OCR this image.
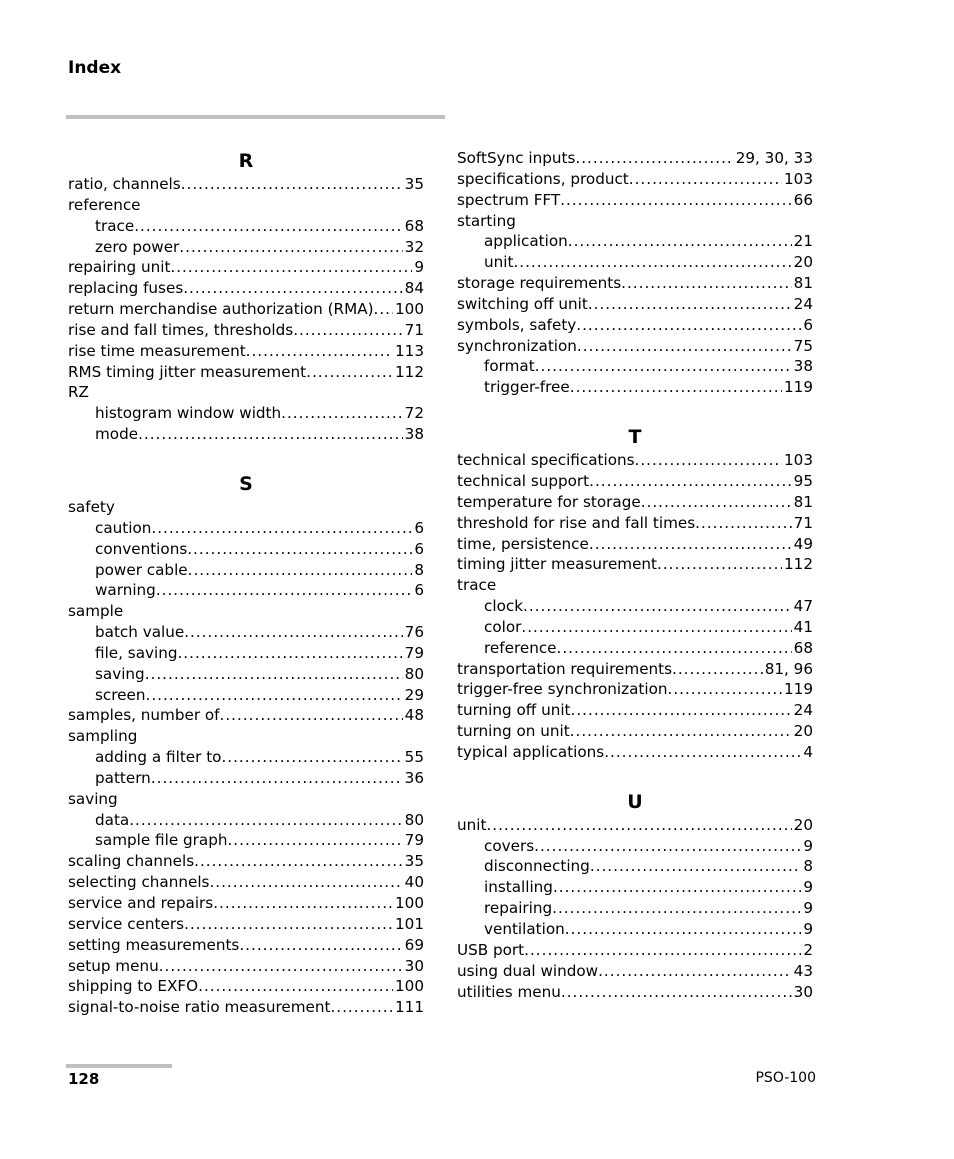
Index
R
ratio, channels .....	35
reference
trace .....	68
zero power .....	32
repairing unit .....	9
replacing fuses .....	84
return merchandise authorization (RMA) ..... 100
rise and fall times, thresholds .....	71
rise time measurement .....	113
RMS timing jitter measurement .....	112
RZ
histogram window width .....	72
mode .....	38
S
safety
caution .....	6
conventions .....	6
power cable .....	8
warning .....	6
sample
batch value .....	76
file, saving .....	79
saving .....	80
screen .....	29
samples, number of .....	48
sampling
adding a filter to .....	55
pattern .....	36
saving
data .....	80
sample file graph .....	79
scaling channels .....	35
selecting channels .....	40
service and repairs .....	100
service centers .....	101
setting measurements .....	69
setup menu .....	30
shipping to EXFO .....	100
signal-to-noise ratio measurement .....	111
SoftSync inputs .....	29, 30, 33
specifications, product .....	103
spectrum FFT .....	66
starting
application .....	21
unit .....	20
storage requirements .....	81
switching off unit .....	24
symbols, safety .....	6
synchronization .....	75
format .....	38
trigger-free .....	119
T
technical specifications .....	103
technical support .....	95
temperature for storage .....	81
threshold for rise and fall times .....	71
time, persistence .....	49
timing jitter measurement .....	112
trace
clock .....	47
color .....	41
reference .....	68
transportation requirements .....	81, 96
trigger-free synchronization .....	119
turning off unit .....	24
turning on unit .....	20
typical applications .....	4
U
unit .....	20
covers .....	9
disconnecting .....	8
installing .....	9
repairing .....	9
ventilation .....	9
USB port .....	2
using dual window .....	43
utilities menu .....	30
128	PSO-100
